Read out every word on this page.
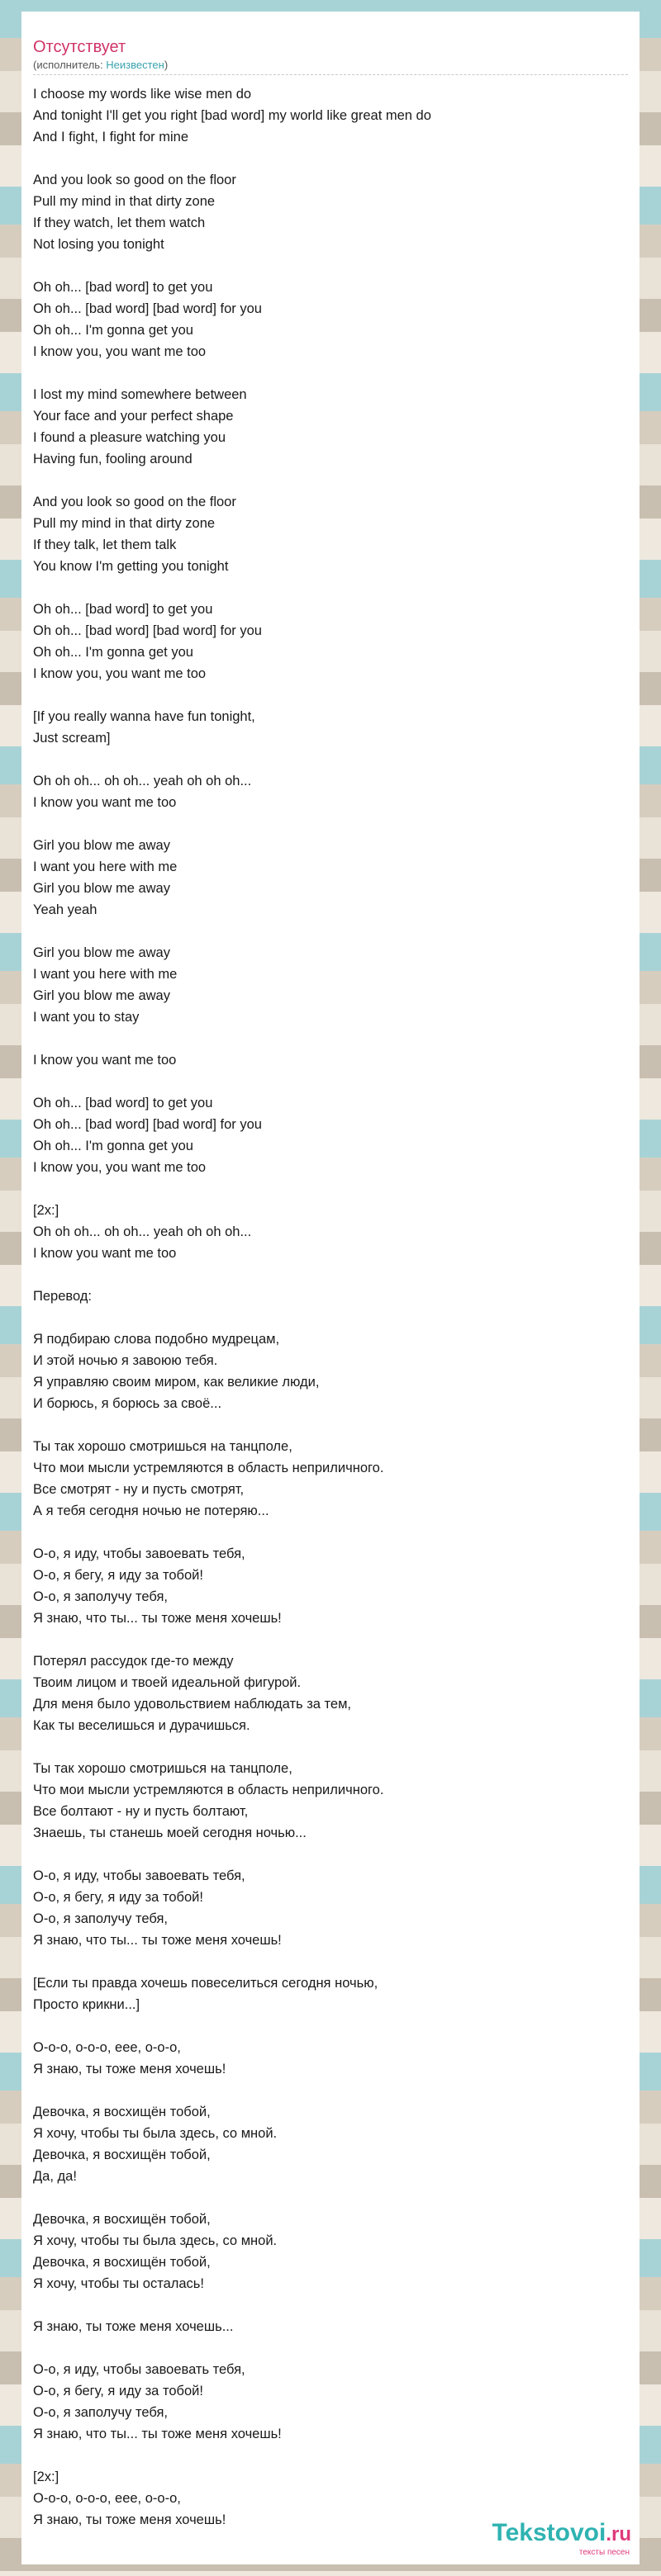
Отсутствует
(исполнитель: Неизвестен)
I choose my words like wise men do
And tonight I'll get you right [bad word] my world like great men do
And I fight, I fight for mine
And you look so good on the floor
Pull my mind in that dirty zone
If they watch, let them watch
Not losing you tonight
Oh oh... [bad word] to get you
Oh oh... [bad word] [bad word] for you
Oh oh... I'm gonna get you
I know you, you want me too
I lost my mind somewhere between
Your face and your perfect shape
I found a pleasure watching you
Having fun, fooling around
And you look so good on the floor
Pull my mind in that dirty zone
If they talk, let them talk
You know I'm getting you tonight
Oh oh... [bad word] to get you
Oh oh... [bad word] [bad word] for you
Oh oh... I'm gonna get you
I know you, you want me too
[If you really wanna have fun tonight,
Just scream]
Oh oh oh... oh oh... yeah oh oh oh...
I know you want me too
Girl you blow me away
I want you here with me
Girl you blow me away
Yeah yeah
Girl you blow me away
I want you here with me
Girl you blow me away
I want you to stay
I know you want me too
Oh oh... [bad word] to get you
Oh oh... [bad word] [bad word] for you
Oh oh... I'm gonna get you
I know you, you want me too
[2x:]
Oh oh oh... oh oh... yeah oh oh oh...
I know you want me too
Перевод:
Я подбираю слова подобно мудрецам,
И этой ночью я завоюю тебя.
Я управляю своим миром, как великие люди,
И борюсь, я борюсь за своё...
Ты так хорошо смотришься на танцполе,
Что мои мысли устремляются в область неприличного.
Все смотрят - ну и пусть смотрят,
А я тебя сегодня ночью не потеряю...
О-о, я иду, чтобы завоевать тебя,
О-о, я бегу, я иду за тобой!
О-о, я заполучу тебя,
Я знаю, что ты... ты тоже меня хочешь!
Потерял рассудок где-то между
Твоим лицом и твоей идеальной фигурой.
Для меня было удовольствием наблюдать за тем,
Как ты веселишься и дурачишься.
Ты так хорошо смотришься на танцполе,
Что мои мысли устремляются в область неприличного.
Все болтают - ну и пусть болтают,
Знаешь, ты станешь моей сегодня ночью...
О-о, я иду, чтобы завоевать тебя,
О-о, я бегу, я иду за тобой!
О-о, я заполучу тебя,
Я знаю, что ты... ты тоже меня хочешь!
[Если ты правда хочешь повеселиться сегодня ночью,
Просто крикни...]
О-о-о, о-о-о, еее, о-о-о,
Я знаю, ты тоже меня хочешь!
Девочка, я восхищён тобой,
Я хочу, чтобы ты была здесь, со мной.
Девочка, я восхищён тобой,
Да, да!
Девочка, я восхищён тобой,
Я хочу, чтобы ты была здесь, со мной.
Девочка, я восхищён тобой,
Я хочу, чтобы ты осталась!
Я знаю, ты тоже меня хочешь...
О-о, я иду, чтобы завоевать тебя,
О-о, я бегу, я иду за тобой!
О-о, я заполучу тебя,
Я знаю, что ты... ты тоже меня хочешь!
[2x:]
О-о-о, о-о-о, еее, о-о-о,
Я знаю, ты тоже меня хочешь!	Tekstovoi.ru
тексты песен
